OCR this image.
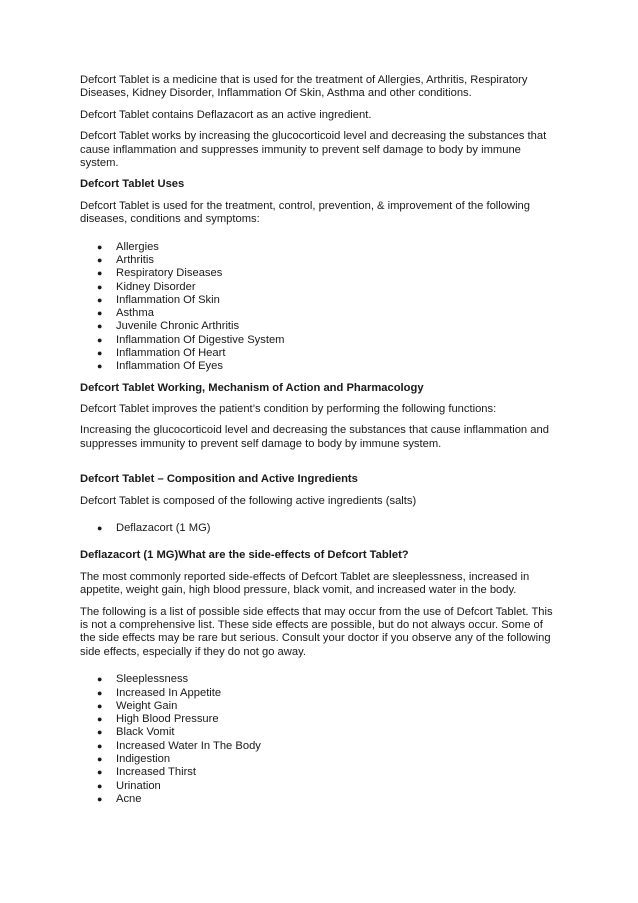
Defcort Tablet is a medicine that is used for the treatment of Allergies, Arthritis, Respiratory Diseases, Kidney Disorder, Inflammation Of Skin, Asthma and other conditions.

Defcort Tablet contains Deflazacort as an active ingredient.

Defcort Tablet works by increasing the glucocorticoid level and decreasing the substances that cause inflammation and suppresses immunity to prevent self damage to body by immune system.

Defcort Tablet Uses

Defcort Tablet is used for the treatment, control, prevention, & improvement of the following diseases, conditions and symptoms:

● Allergies
● Arthritis
● Respiratory Diseases
● Kidney Disorder
● Inflammation Of Skin
● Asthma
● Juvenile Chronic Arthritis
● Inflammation Of Digestive System
● Inflammation Of Heart
● Inflammation Of Eyes
Defcort Tablet Working, Mechanism of Action and Pharmacology

Defcort Tablet improves the patient’s condition by performing the following functions:

Increasing the glucocorticoid level and decreasing the substances that cause inflammation and suppresses immunity to prevent self damage to body by immune system.

Defcort Tablet – Composition and Active Ingredients

Defcort Tablet is composed of the following active ingredients (salts)

● Deflazacort (1 MG)
Deflazacort (1 MG)What are the side-effects of Defcort Tablet?

The most commonly reported side-effects of Defcort Tablet are sleeplessness, increased in appetite, weight gain, high blood pressure, black vomit, and increased water in the body.

The following is a list of possible side effects that may occur from the use of Defcort Tablet. This is not a comprehensive list. These side effects are possible, but do not always occur. Some of the side effects may be rare but serious. Consult your doctor if you observe any of the following side effects, especially if they do not go away.

● Sleeplessness
● Increased In Appetite
● Weight Gain
● High Blood Pressure
● Black Vomit
● Increased Water In The Body
● Indigestion
● Increased Thirst
● Urination
● Acne
